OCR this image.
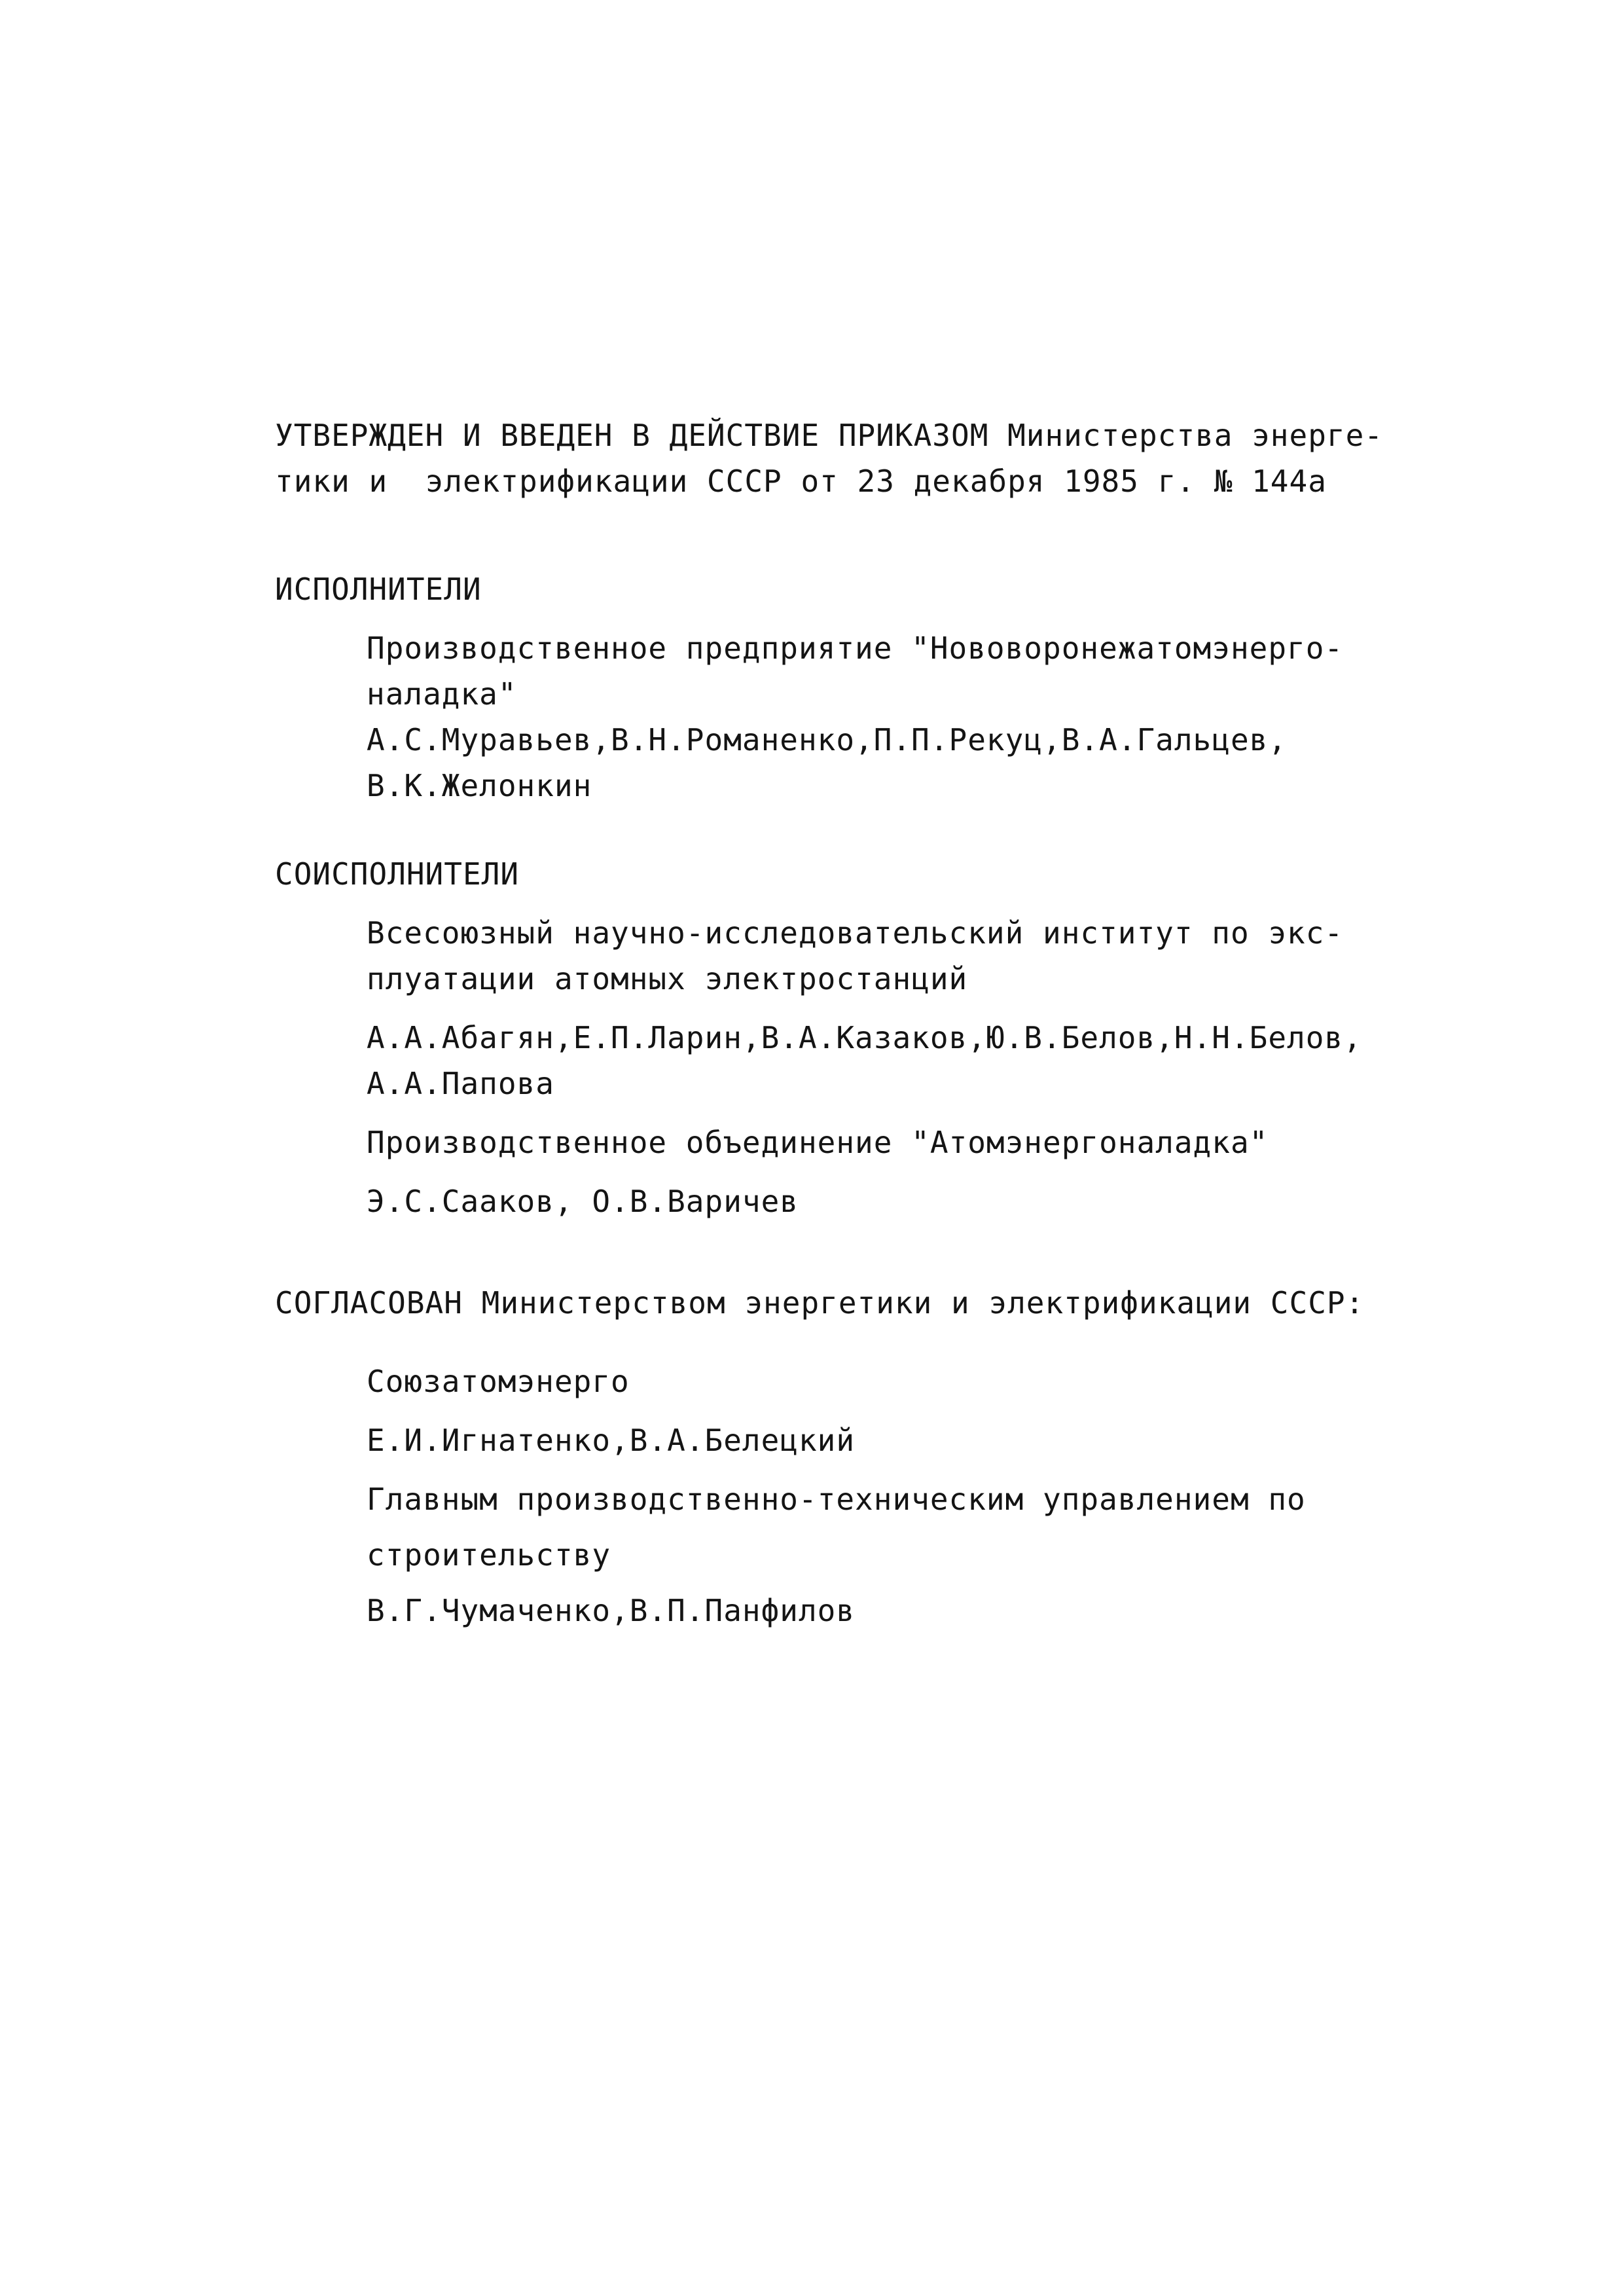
УТВЕРЖДЕН И ВВЕДЕН В ДЕЙСТВИЕ ПРИКАЗОМ Министерства энерге-
тики и  электрификации СССР от 23 декабря 1985 г. № 144а
ИСПОЛНИТЕЛИ
Производственное предприятие "Нововоронежатомэнерго-
наладка"
А.С.Муравьев,В.Н.Романенко,П.П.Рекуц,В.А.Гальцев,
В.К.Желонкин
СОИСПОЛНИТЕЛИ
Всесоюзный научно-исследовательский институт по экс-
плуатации атомных электростанций
А.А.Абагян,Е.П.Ларин,В.А.Казаков,Ю.В.Белов,Н.Н.Белов,
А.А.Папова
Производственное объединение "Атомэнергоналадка"
Э.С.Сааков, О.В.Варичев
СОГЛАСОВАН Министерством энергетики и электрификации СССР:
Союзатомэнерго
Е.И.Игнатенко,В.А.Белецкий
Главным производственно-техническим управлением по
строительству
В.Г.Чумаченко,В.П.Панфилов
